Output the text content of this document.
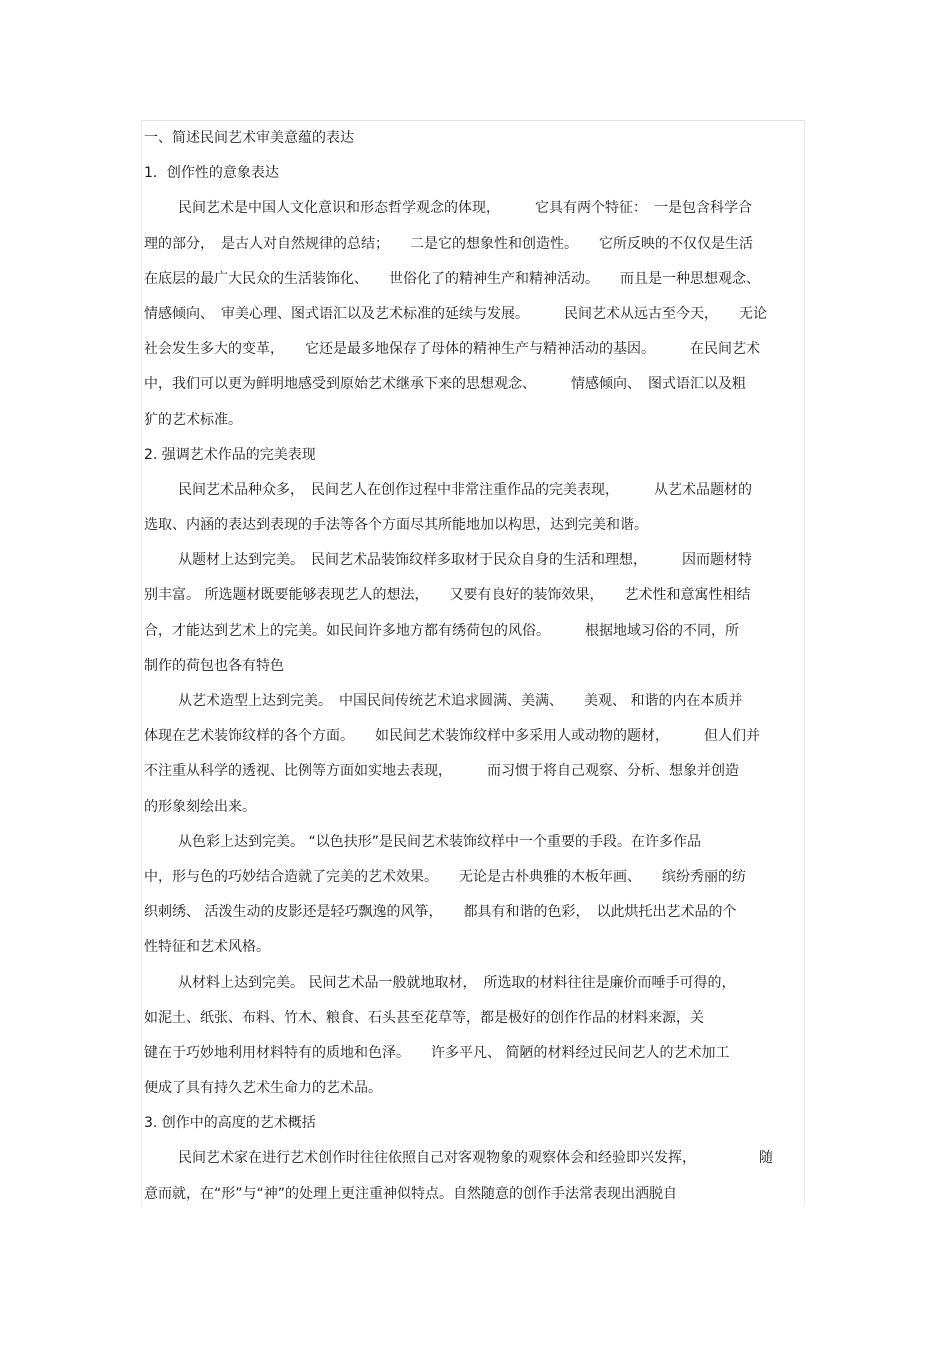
一、简述民间艺术审美意蕴的表达
1．创作性的意象表达
民间艺术是中国人文化意识和形态哲学观念的体现，　　　它具有两个特征：　一是包含科学合
理的部分，　是古人对自然规律的总结；　　二是它的想象性和创造性。　　它所反映的不仅仅是生活
在底层的最广大民众的生活装饰化、　　世俗化了的精神生产和精神活动。　　而且是一种思想观念、
情感倾向、　审美心理、图式语汇以及艺术标准的延续与发展。　　　民间艺术从远古至今天，　　无论
社会发生多大的变革，　　它还是最多地保存了母体的精神生产与精神活动的基因。　　　在民间艺术
中，我们可以更为鲜明地感受到原始艺术继承下来的思想观念、　　　情感倾向、　图式语汇以及粗
犷的艺术标准。
2. 强调艺术作品的完美表现
民间艺术品种众多，　民间艺人在创作过程中非常注重作品的完美表现，　　　从艺术品题材的
选取、内涵的表达到表现的手法等各个方面尽其所能地加以构思，达到完美和谐。
从题材上达到完美。　民间艺术品装饰纹样多取材于民众自身的生活和理想，　　　因而题材特
别丰富。 所选题材既要能够表现艺人的想法，　　又要有良好的装饰效果，　　艺术性和意寓性相结
合，才能达到艺术上的完美。如民间许多地方都有绣荷包的风俗。　　　根据地域习俗的不同，所
制作的荷包也各有特色
从艺术造型上达到完美。　中国民间传统艺术追求圆满、美满、　　美观、 和谐的内在本质并
体现在艺术装饰纹样的各个方面。　　如民间艺术装饰纹样中多采用人或动物的题材，　　　但人们并
不注重从科学的透视、比例等方面如实地去表现，　　　而习惯于将自己观察、分析、想象并创造
的形象刻绘出来。
从色彩上达到完美。 “以色扶形”是民间艺术装饰纹样中一个重要的手段。在许多作品
中，形与色的巧妙结合造就了完美的艺术效果。　　无论是古朴典雅的木板年画、　　缤纷秀丽的纺
织刺绣、 活泼生动的皮影还是轻巧飘逸的风筝，　　都具有和谐的色彩，　以此烘托出艺术品的个
性特征和艺术风格。
从材料上达到完美。 民间艺术品一般就地取材，　所选取的材料往往是廉价而唾手可得的，
如泥土、纸张、布料、竹木、粮食、石头甚至花草等，都是极好的创作作品的材料来源，关
键在于巧妙地利用材料特有的质地和色泽。　　许多平凡、 简陋的材料经过民间艺人的艺术加工
便成了具有持久艺术生命力的艺术品。
3. 创作中的高度的艺术概括
民间艺术家在进行艺术创作时往往依照自己对客观物象的观察体会和经验即兴发挥，　　　　　随
意而就，在“形”与“神”的处理上更注重神似特点。自然随意的创作手法常表现出洒脱自
